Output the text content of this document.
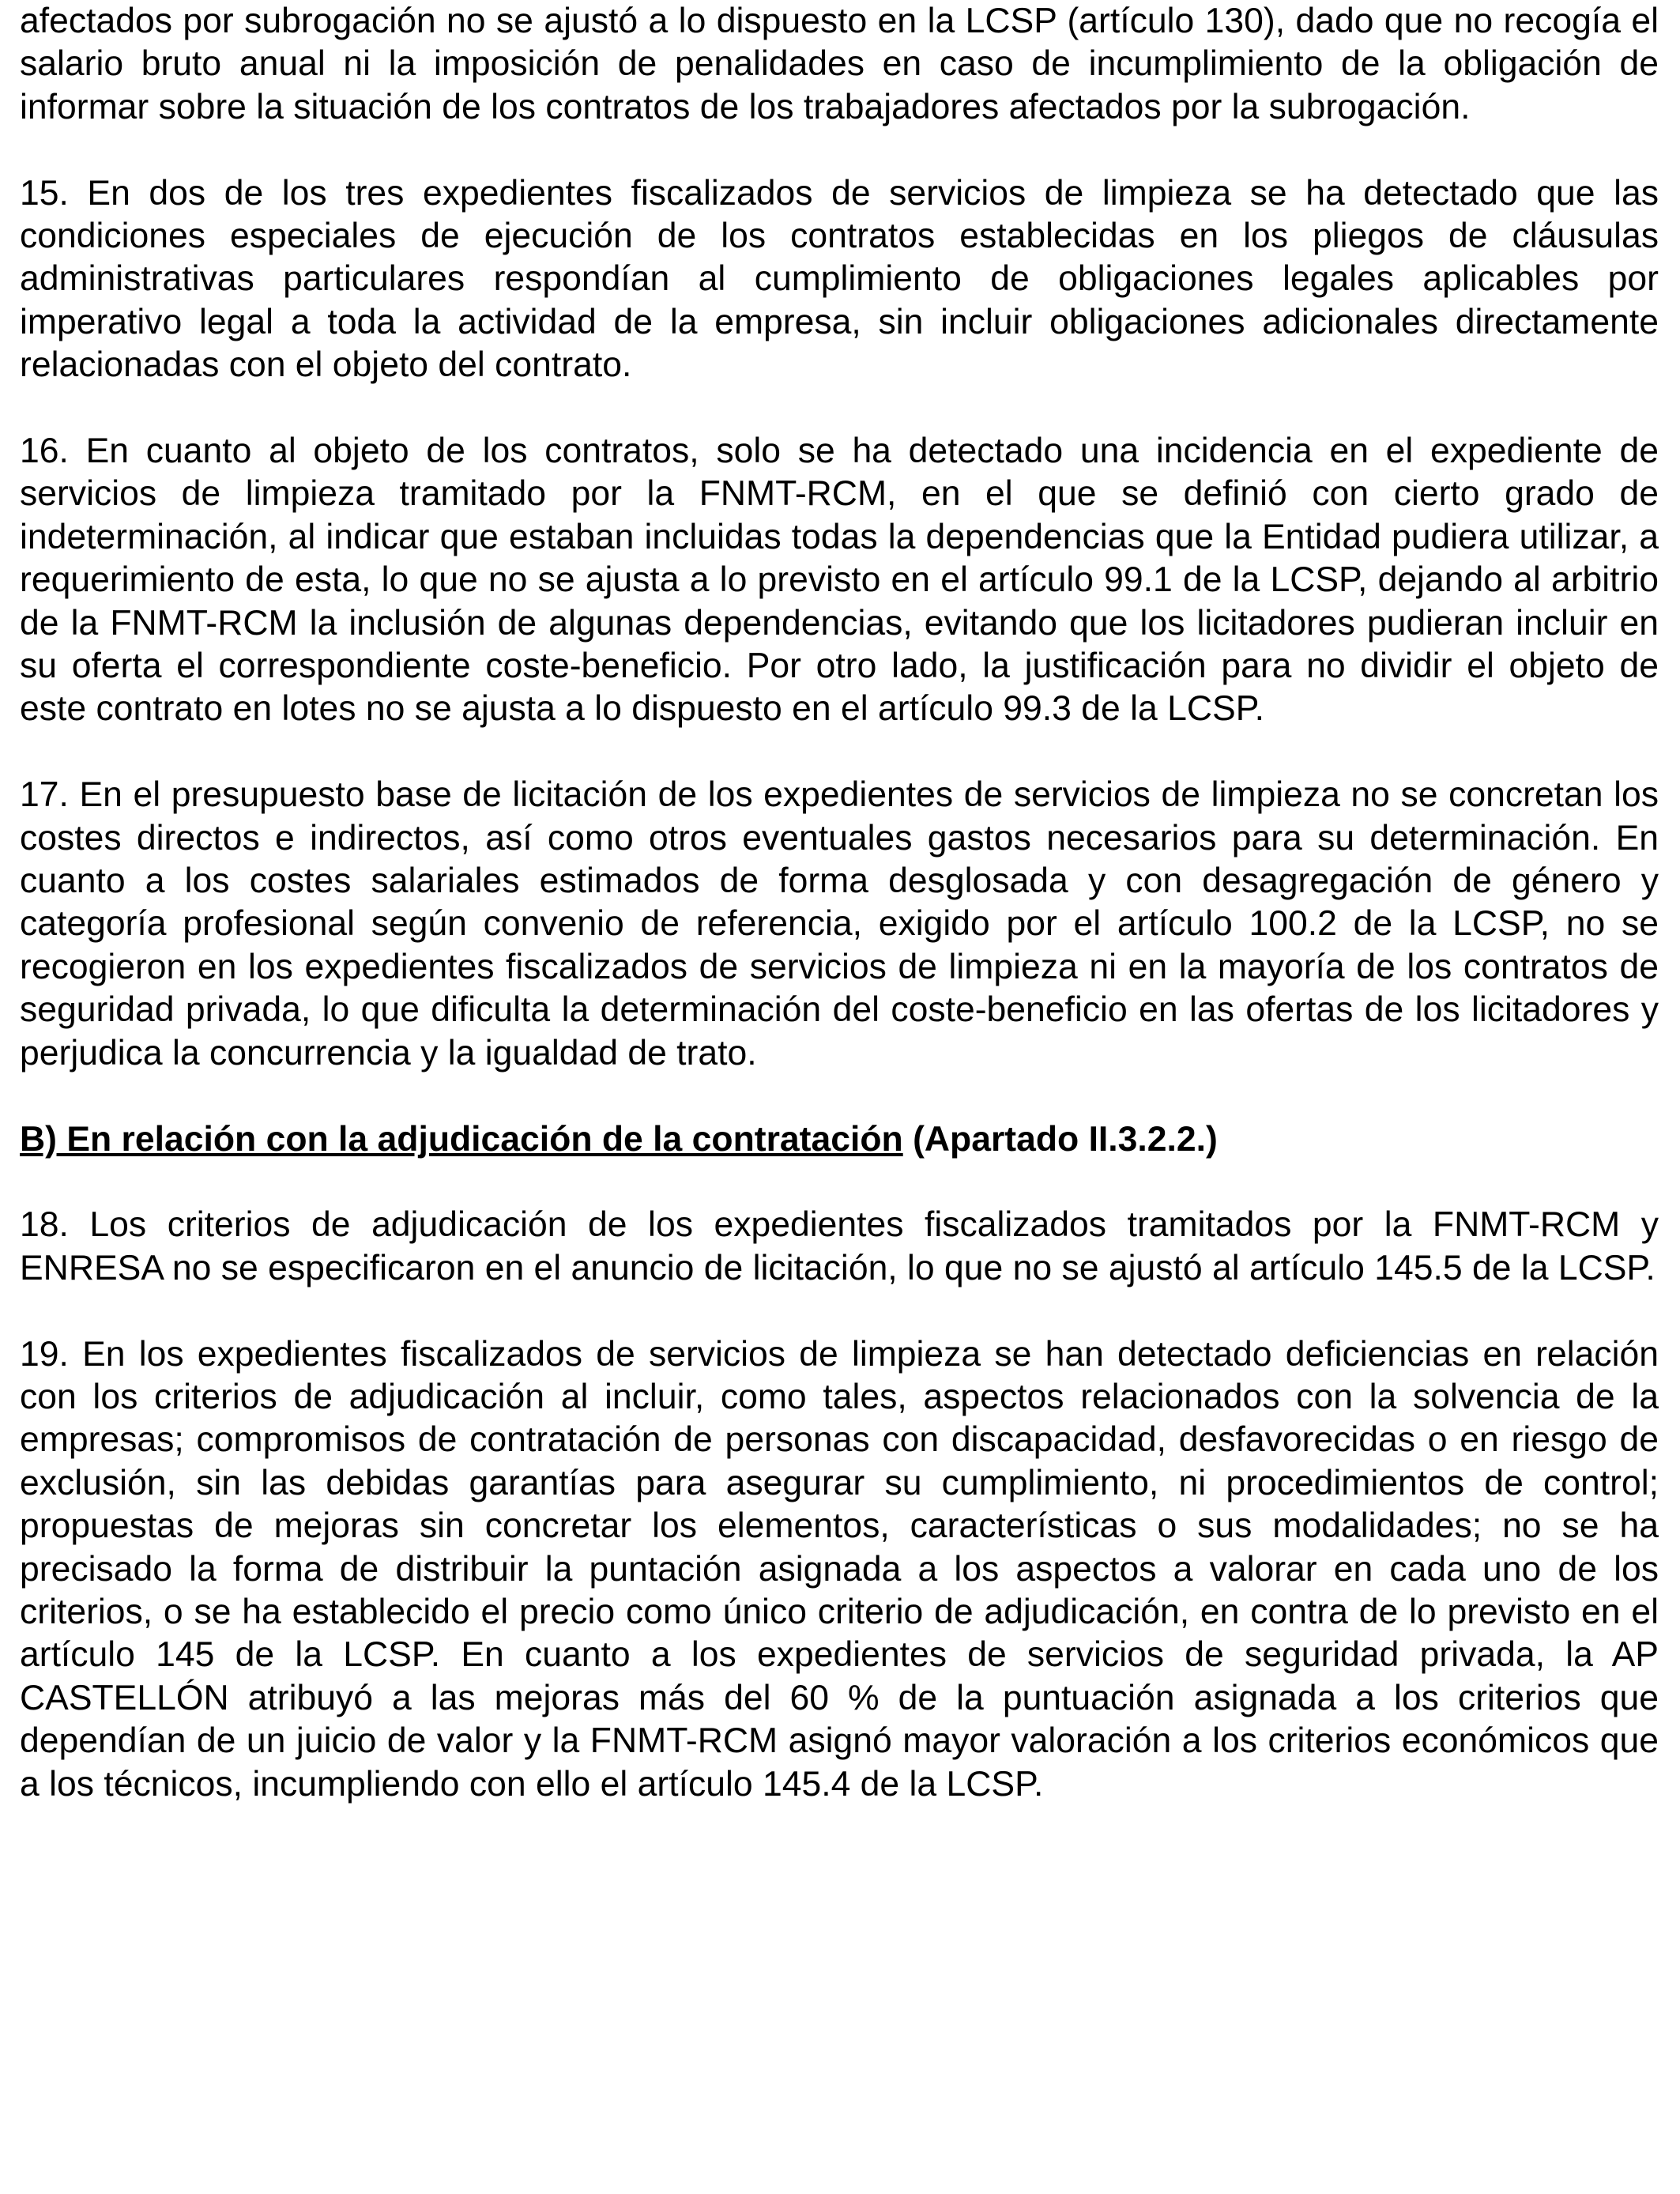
afectados por subrogación no se ajustó a lo dispuesto en la LCSP (artículo 130), dado que no recogía el salario bruto anual ni la imposición de penalidades en caso de incumplimiento de la obligación de informar sobre la situación de los contratos de los trabajadores afectados por la subrogación.

15. En dos de los tres expedientes fiscalizados de servicios de limpieza se ha detectado que las condiciones especiales de ejecución de los contratos establecidas en los pliegos de cláusulas administrativas particulares respondían al cumplimiento de obligaciones legales aplicables por imperativo legal a toda la actividad de la empresa, sin incluir obligaciones adicionales directamente relacionadas con el objeto del contrato.

16. En cuanto al objeto de los contratos, solo se ha detectado una incidencia en el expediente de servicios de limpieza tramitado por la FNMT-RCM, en el que se definió con cierto grado de indeterminación, al indicar que estaban incluidas todas la dependencias que la Entidad pudiera utilizar, a requerimiento de esta, lo que no se ajusta a lo previsto en el artículo 99.1 de la LCSP, dejando al arbitrio de la FNMT-RCM la inclusión de algunas dependencias, evitando que los licitadores pudieran incluir en su oferta el correspondiente coste-beneficio. Por otro lado, la justificación para no dividir el objeto de este contrato en lotes no se ajusta a lo dispuesto en el artículo 99.3 de la LCSP.

17. En el presupuesto base de licitación de los expedientes de servicios de limpieza no se concretan los costes directos e indirectos, así como otros eventuales gastos necesarios para su determinación. En cuanto a los costes salariales estimados de forma desglosada y con desagregación de género y categoría profesional según convenio de referencia, exigido por el artículo 100.2 de la LCSP, no se recogieron en los expedientes fiscalizados de servicios de limpieza ni en la mayoría de los contratos de seguridad privada, lo que dificulta la determinación del coste-beneficio en las ofertas de los licitadores y perjudica la concurrencia y la igualdad de trato.

B) En relación con la adjudicación de la contratación (Apartado II.3.2.2.)

18. Los criterios de adjudicación de los expedientes fiscalizados tramitados por la FNMT-RCM y ENRESA no se especificaron en el anuncio de licitación, lo que no se ajustó al artículo 145.5 de la LCSP.

19. En los expedientes fiscalizados de servicios de limpieza se han detectado deficiencias en relación con los criterios de adjudicación al incluir, como tales, aspectos relacionados con la solvencia de la empresas; compromisos de contratación de personas con discapacidad, desfavorecidas o en riesgo de exclusión, sin las debidas garantías para asegurar su cumplimiento, ni procedimientos de control; propuestas de mejoras sin concretar los elementos, características o sus modalidades; no se ha precisado la forma de distribuir la puntación asignada a los aspectos a valorar en cada uno de los criterios, o se ha establecido el precio como único criterio de adjudicación, en contra de lo previsto en el artículo 145 de la LCSP. En cuanto a los expedientes de servicios de seguridad privada, la AP CASTELLÓN atribuyó a las mejoras más del 60 % de la puntuación asignada a los criterios que dependían de un juicio de valor y la FNMT-RCM asignó mayor valoración a los criterios económicos que a los técnicos, incumpliendo con ello el artículo 145.4 de la LCSP.
